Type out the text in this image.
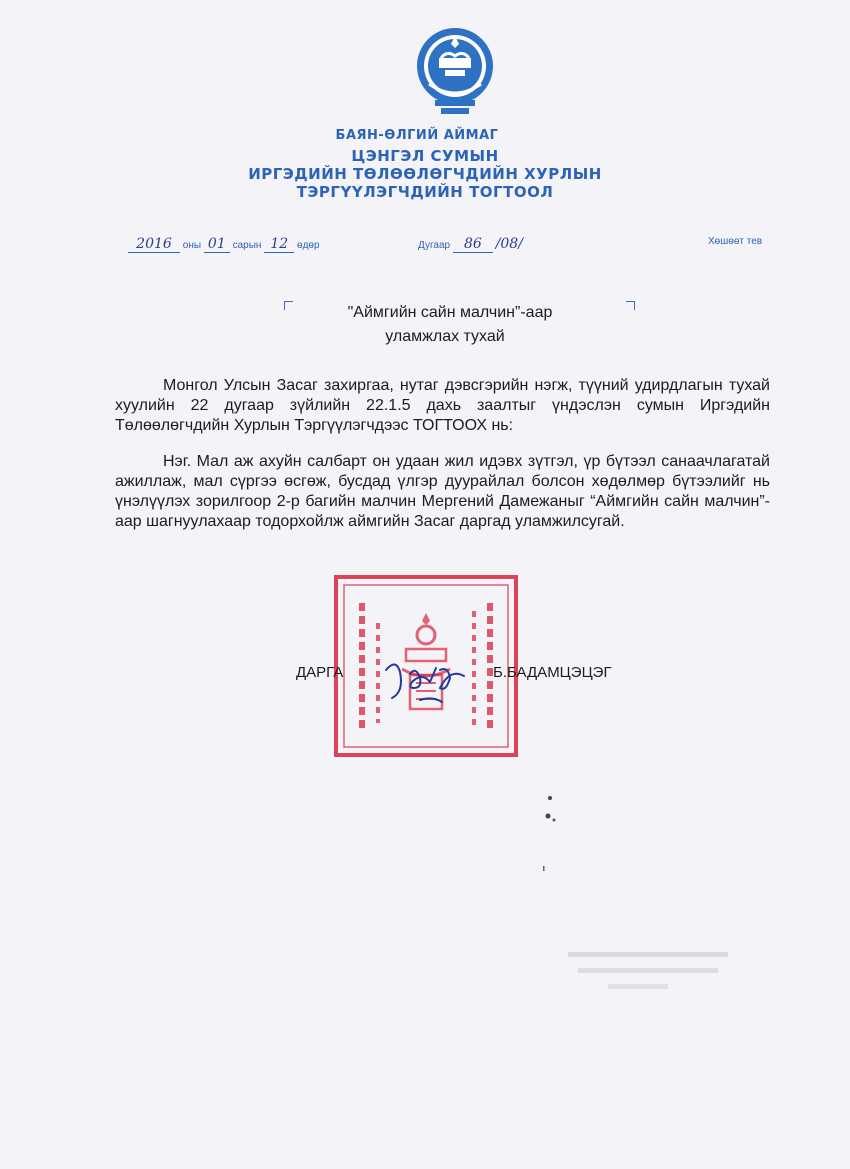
БАЯН-ӨЛГИЙ АЙМАГ
ЦЭНГЭЛ СУМЫН
ИРГЭДИЙН ТӨЛӨӨЛӨГЧДИЙН ХУРЛЫН
ТЭРГҮҮЛЭГЧДИЙН ТОГТООЛ
2016 оны 01 сарын 12 өдөр	Дугаар 86 /08/	Хөшөөт тев
"Аймгийн сайн малчин”-аар
уламжлах тухай

Монгол Улсын Засаг захиргаа, нутаг дэвсгэрийн нэгж, түүний удирдлагын тухай хуулийн 22 дугаар зүйлийн 22.1.5 дахь заалтыг үндэслэн сумын Иргэдийн Төлөөлөгчдийн Хурлын Тэргүүлэгчдээс ТОГТООХ нь:

Нэг. Мал аж ахуйн салбарт он удаан жил идэвх зүтгэл, үр бүтээл санаачлагатай ажиллаж, мал сүргээ өсгөж, бусдад үлгэр дуурайлал болсон хөдөлмөр бүтээлийг нь үнэлүүлэх зорилгоор 2-р багийн малчин Мергений Дамежаныг “Аймгийн сайн малчин”-аар шагнуулахаар тодорхойлж аймгийн Засаг даргад уламжилсугай.

ДАРГА	Б.БАДАМЦЭЦЭГ
